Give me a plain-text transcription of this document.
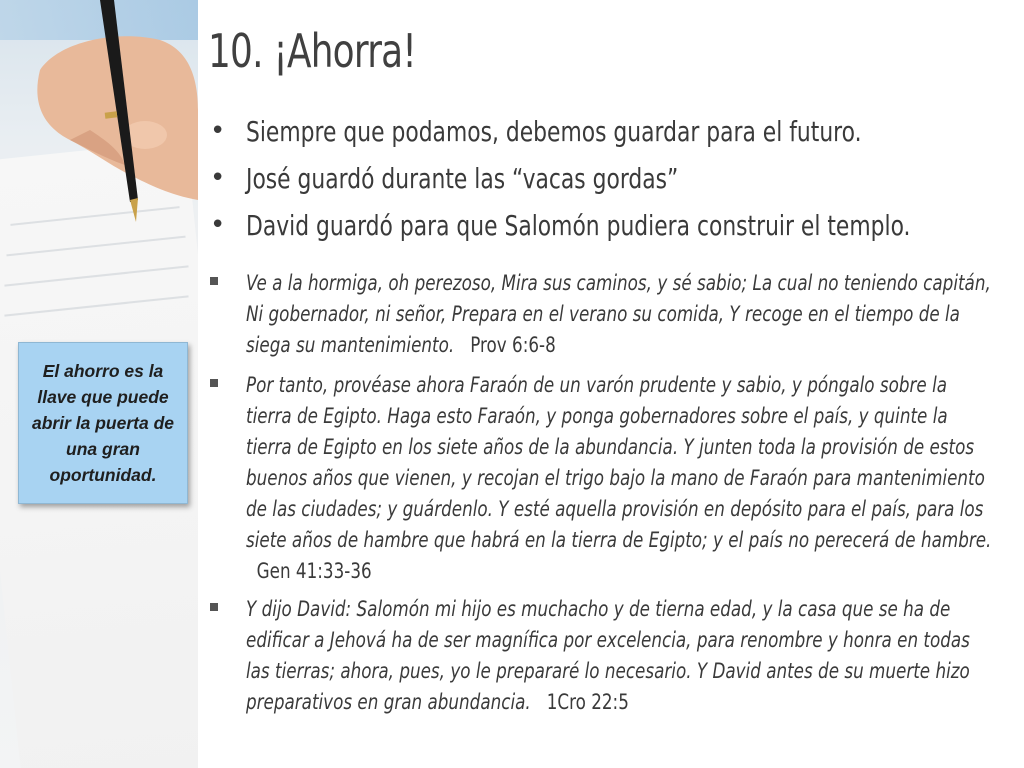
10. ¡Ahorra!
• Siempre que podamos, debemos guardar para el futuro.
• José guardó durante las “vacas gordas”
• David guardó para que Salomón pudiera construir el templo.
Ve a la hormiga, oh perezoso, Mira sus caminos, y sé sabio; La cual no teniendo capitán, Ni gobernador, ni señor, Prepara en el verano su comida, Y recoge en el tiempo de la siega su mantenimiento.   Prov 6:6-8
Por tanto, provéase ahora Faraón de un varón prudente y sabio, y póngalo sobre la tierra de Egipto. Haga esto Faraón, y ponga gobernadores sobre el país, y quinte la tierra de Egipto en los siete años de la abundancia. Y junten toda la provisión de estos buenos años que vienen, y recojan el trigo bajo la mano de Faraón para mantenimiento de las ciudades; y guárdenlo. Y esté aquella provisión en depósito para el país, para los siete años de hambre que habrá en la tierra de Egipto; y el país no perecerá de hambre.   Gen 41:33-36
Y dijo David: Salomón mi hijo es muchacho y de tierna edad, y la casa que se ha de edificar a Jehová ha de ser magnífica por excelencia, para renombre y honra en todas las tierras; ahora, pues, yo le prepararé lo necesario. Y David antes de su muerte hizo preparativos en gran abundancia.   1Cro 22:5
El ahorro es la llave que puede abrir la puerta de una gran oportunidad.
